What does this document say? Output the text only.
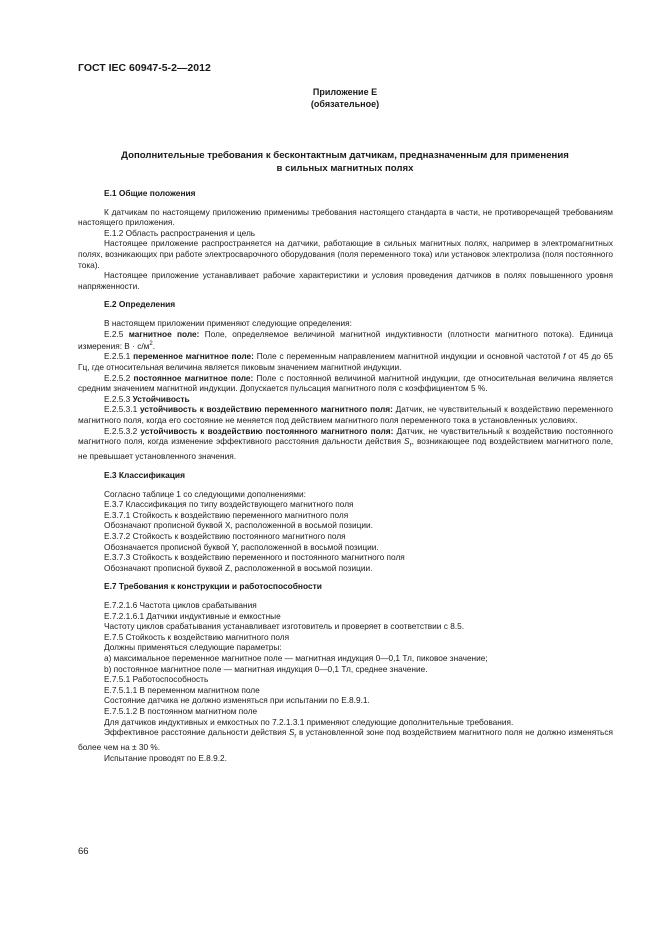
ГОСТ IEC 60947-5-2—2012
Приложение E
(обязательное)
Дополнительные требования к бесконтактным датчикам, предназначенным для применения
в сильных магнитных полях
E.1 Общие положения

К датчикам по настоящему приложению применимы требования настоящего стандарта в части, не противоречащей требованиям настоящего приложения.

E.1.2 Область распространения и цель

Настоящее приложение распространяется на датчики, работающие в сильных магнитных полях, например в электромагнитных полях, возникающих при работе электросварочного оборудования (поля переменного тока) или установок электролиза (поля постоянного тока).

Настоящее приложение устанавливает рабочие характеристики и условия проведения датчиков в полях повышенного уровня напряженности.

E.2 Определения

В настоящем приложении применяют следующие определения:

E.2.5 магнитное поле: Поле, определяемое величиной магнитной индуктивности (плотности магнитного потока). Единица измерения: $В \cdot с/м^2$.

E.2.5.1 переменное магнитное поле: Поле с переменным направлением магнитной индукции и основной частотой f от 45 до 65 Гц, где относительная величина является пиковым значением магнитной индукции.

E.2.5.2 постоянное магнитное поле: Поле с постоянной величиной магнитной индукции, где относительная величина является средним значением магнитной индукции. Допускается пульсация магнитного поля с коэффициентом 5 %.

E.2.5.3 Устойчивость

E.2.5.3.1 устойчивость к воздействию переменного магнитного поля: Датчик, не чувствительный к воздействию переменного магнитного поля, когда его состояние не меняется под действием магнитного поля переменного тока в установленных условиях.

E.2.5.3.2 устойчивость к воздействию постоянного магнитного поля: Датчик, не чувствительный к воздействию постоянного магнитного поля, когда изменение эффективного расстояния дальности действия $S_r$, возникающее под воздействием магнитного поле, не превышает установленного значения.

E.3 Классификация

Согласно таблице 1 со следующими дополнениями:

E.3.7 Классификация по типу воздействующего магнитного поля

E.3.7.1 Стойкость к воздействию переменного магнитного поля

Обозначают прописной буквой X, расположенной в восьмой позиции.

E.3.7.2 Стойкость к воздействию постоянного магнитного поля

Обозначается прописной буквой Y, расположенной в восьмой позиции.

E.3.7.3 Стойкость к воздействию переменного и постоянного магнитного поля

Обозначают прописной буквой Z, расположенной в восьмой позиции.

E.7 Требования к конструкции и работоспособности

E.7.2.1.6 Частота циклов срабатывания

E.7.2.1.6.1 Датчики индуктивные и емкостные

Частоту циклов срабатывания устанавливает изготовитель и проверяет в соответствии с 8.5.

E.7.5 Стойкость к воздействию магнитного поля

Должны применяться следующие параметры:

a) максимальное переменное магнитное поле — магнитная индукция 0—0,1 Тл, пиковое значение;

b) постоянное магнитное поле — магнитная индукция 0—0,1 Тл, среднее значение.

E.7.5.1 Работоспособность

E.7.5.1.1 В переменном магнитном поле

Состояние датчика не должно изменяться при испытании по E.8.9.1.

E.7.5.1.2 В постоянном магнитном поле

Для датчиков индуктивных и емкостных по 7.2.1.3.1 применяют следующие дополнительные требования.

Эффективное расстояние дальности действия $S_r$ в установленной зоне под воздействием магнитного поля не должно изменяться более чем на ± 30 %.

Испытание проводят по E.8.9.2.

66
